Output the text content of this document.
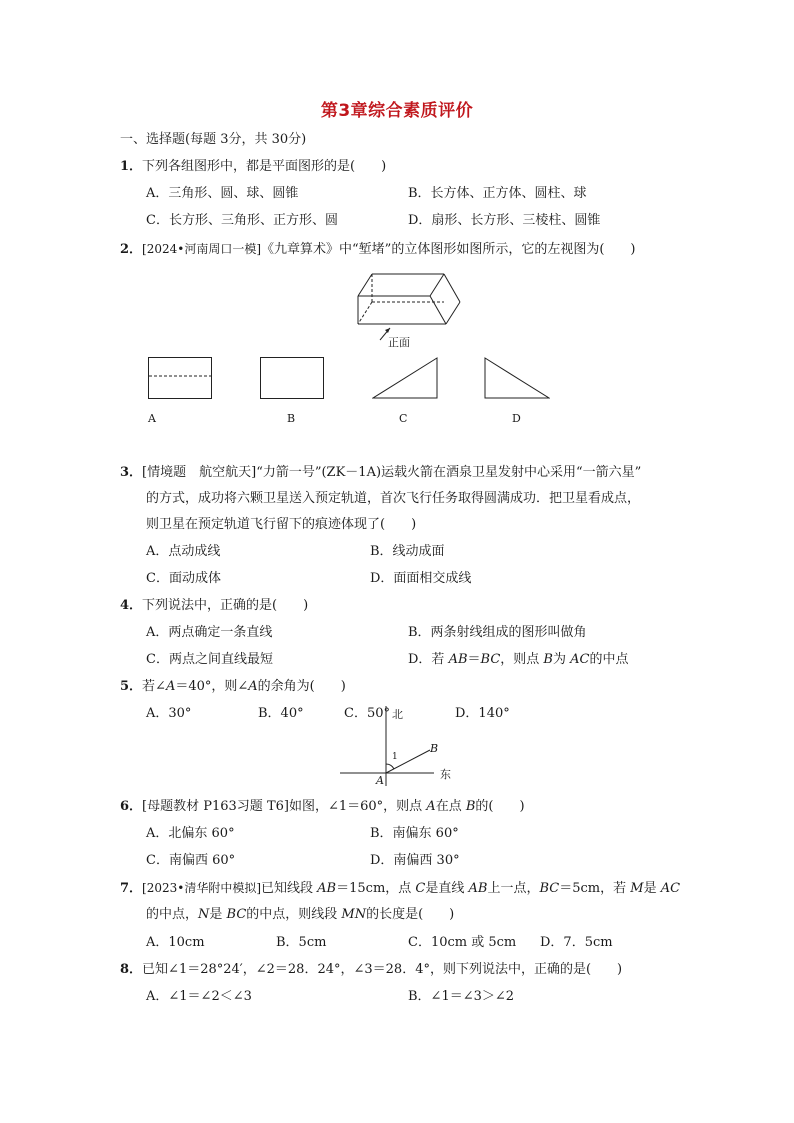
第3章综合素质评价
一、选择题(每题 3分，共 30分)
1．下列各组图形中，都是平面图形的是(　　)
A．三角形、圆、球、圆锥	B．长方体、正方体、圆柱、球
C．长方形、三角形、正方形、圆	D．扇形、长方形、三棱柱、圆锥
2．[2024•河南周口一模]《九章算术》中“堑堵”的立体图形如图所示，它的左视图为(　　)
正面
A	B	C	D
3．[情境题　航空航天]“力箭一号”(ZK－1A)运载火箭在酒泉卫星发射中心采用“一箭六星”
的方式，成功将六颗卫星送入预定轨道，首次飞行任务取得圆满成功．把卫星看成点，
则卫星在预定轨道飞行留下的痕迹体现了(　　)
A．点动成线	B．线动成面
C．面动成体	D．面面相交成线
4．下列说法中，正确的是(　　)
A．两点确定一条直线	B．两条射线组成的图形叫做角
C．两点之间直线最短	D．若 AB＝BC，则点 B为 AC的中点
5．若∠A＝40°，则∠A的余角为(　　)
A．30°	B．40°	C．50°	D．140°
北
东
A
B
1
6．[母题教材 P163习题 T6]如图，∠1＝60°，则点 A在点 B的(　　)
A．北偏东 60°	B．南偏东 60°
C．南偏西 60°	D．南偏西 30°
7．[2023•清华附中模拟]已知线段 AB＝15cm，点 C是直线 AB上一点，BC＝5cm，若 M是 AC
的中点，N是 BC的中点，则线段 MN的长度是(　　)
A．10cm	B．5cm	C．10cm 或 5cm D．7．5cm
8．已知∠1＝28°24′，∠2＝28．24°，∠3＝28．4°，则下列说法中，正确的是(　　)
A．∠1＝∠2＜∠3	B．∠1＝∠3＞∠2
